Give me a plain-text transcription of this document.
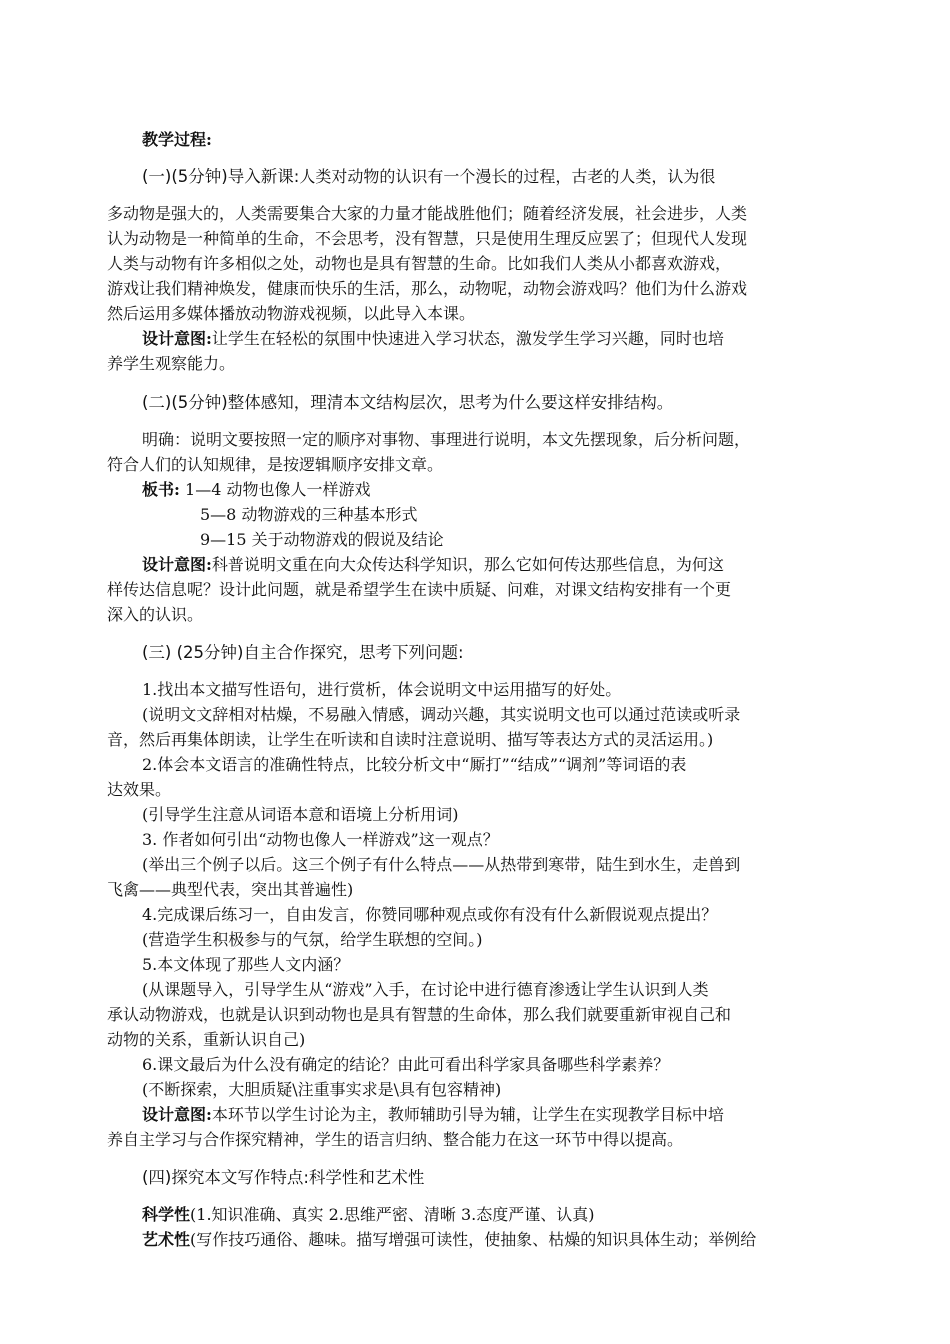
教学过程:
(一)(5分钟)导入新课:人类对动物的认识有一个漫长的过程，古老的人类，认为很
多动物是强大的，人类需要集合大家的力量才能战胜他们；随着经济发展，社会进步，人类
认为动物是一种简单的生命，不会思考，没有智慧，只是使用生理反应罢了；但现代人发现
人类与动物有许多相似之处，动物也是具有智慧的生命。比如我们人类从小都喜欢游戏，
游戏让我们精神焕发，健康而快乐的生活，那么，动物呢，动物会游戏吗？他们为什么游戏
然后运用多媒体播放动物游戏视频，以此导入本课。
设计意图:让学生在轻松的氛围中快速进入学习状态，激发学生学习兴趣，同时也培
养学生观察能力。
(二)(5分钟)整体感知，理清本文结构层次，思考为什么要这样安排结构。
明确：说明文要按照一定的顺序对事物、事理进行说明，本文先摆现象，后分析问题，
符合人们的认知规律，是按逻辑顺序安排文章。
板书: 1—4 动物也像人一样游戏
5—8 动物游戏的三种基本形式
9—15 关于动物游戏的假说及结论
设计意图:科普说明文重在向大众传达科学知识，那么它如何传达那些信息，为何这
样传达信息呢？设计此问题，就是希望学生在读中质疑、问难，对课文结构安排有一个更
深入的认识。
(三) (25分钟)自主合作探究，思考下列问题:
1.找出本文描写性语句，进行赏析，体会说明文中运用描写的好处。
(说明文文辞相对枯燥，不易融入情感，调动兴趣，其实说明文也可以通过范读或听录
音，然后再集体朗读，让学生在听读和自读时注意说明、描写等表达方式的灵活运用。)
2.体会本文语言的准确性特点，比较分析文中“厮打”“结成”“调剂”等词语的表
达效果。
(引导学生注意从词语本意和语境上分析用词)
3. 作者如何引出“动物也像人一样游戏”这一观点？
(举出三个例子以后。这三个例子有什么特点——从热带到寒带，陆生到水生，走兽到
飞禽——典型代表，突出其普遍性)
4.完成课后练习一，自由发言，你赞同哪种观点或你有没有什么新假说观点提出？
(营造学生积极参与的气氛，给学生联想的空间。)
5.本文体现了那些人文内涵？
(从课题导入，引导学生从“游戏”入手，在讨论中进行德育渗透让学生认识到人类
承认动物游戏，也就是认识到动物也是具有智慧的生命体，那么我们就要重新审视自己和
动物的关系，重新认识自己)
6.课文最后为什么没有确定的结论？由此可看出科学家具备哪些科学素养？
(不断探索，大胆质疑\注重事实求是\具有包容精神)
设计意图:本环节以学生讨论为主，教师辅助引导为辅，让学生在实现教学目标中培
养自主学习与合作探究精神，学生的语言归纳、整合能力在这一环节中得以提高。
(四)探究本文写作特点:科学性和艺术性
科学性(1.知识准确、真实 2.思维严密、清晰 3.态度严谨、认真)
艺术性(写作技巧通俗、趣味。描写增强可读性，使抽象、枯燥的知识具体生动；举例给
